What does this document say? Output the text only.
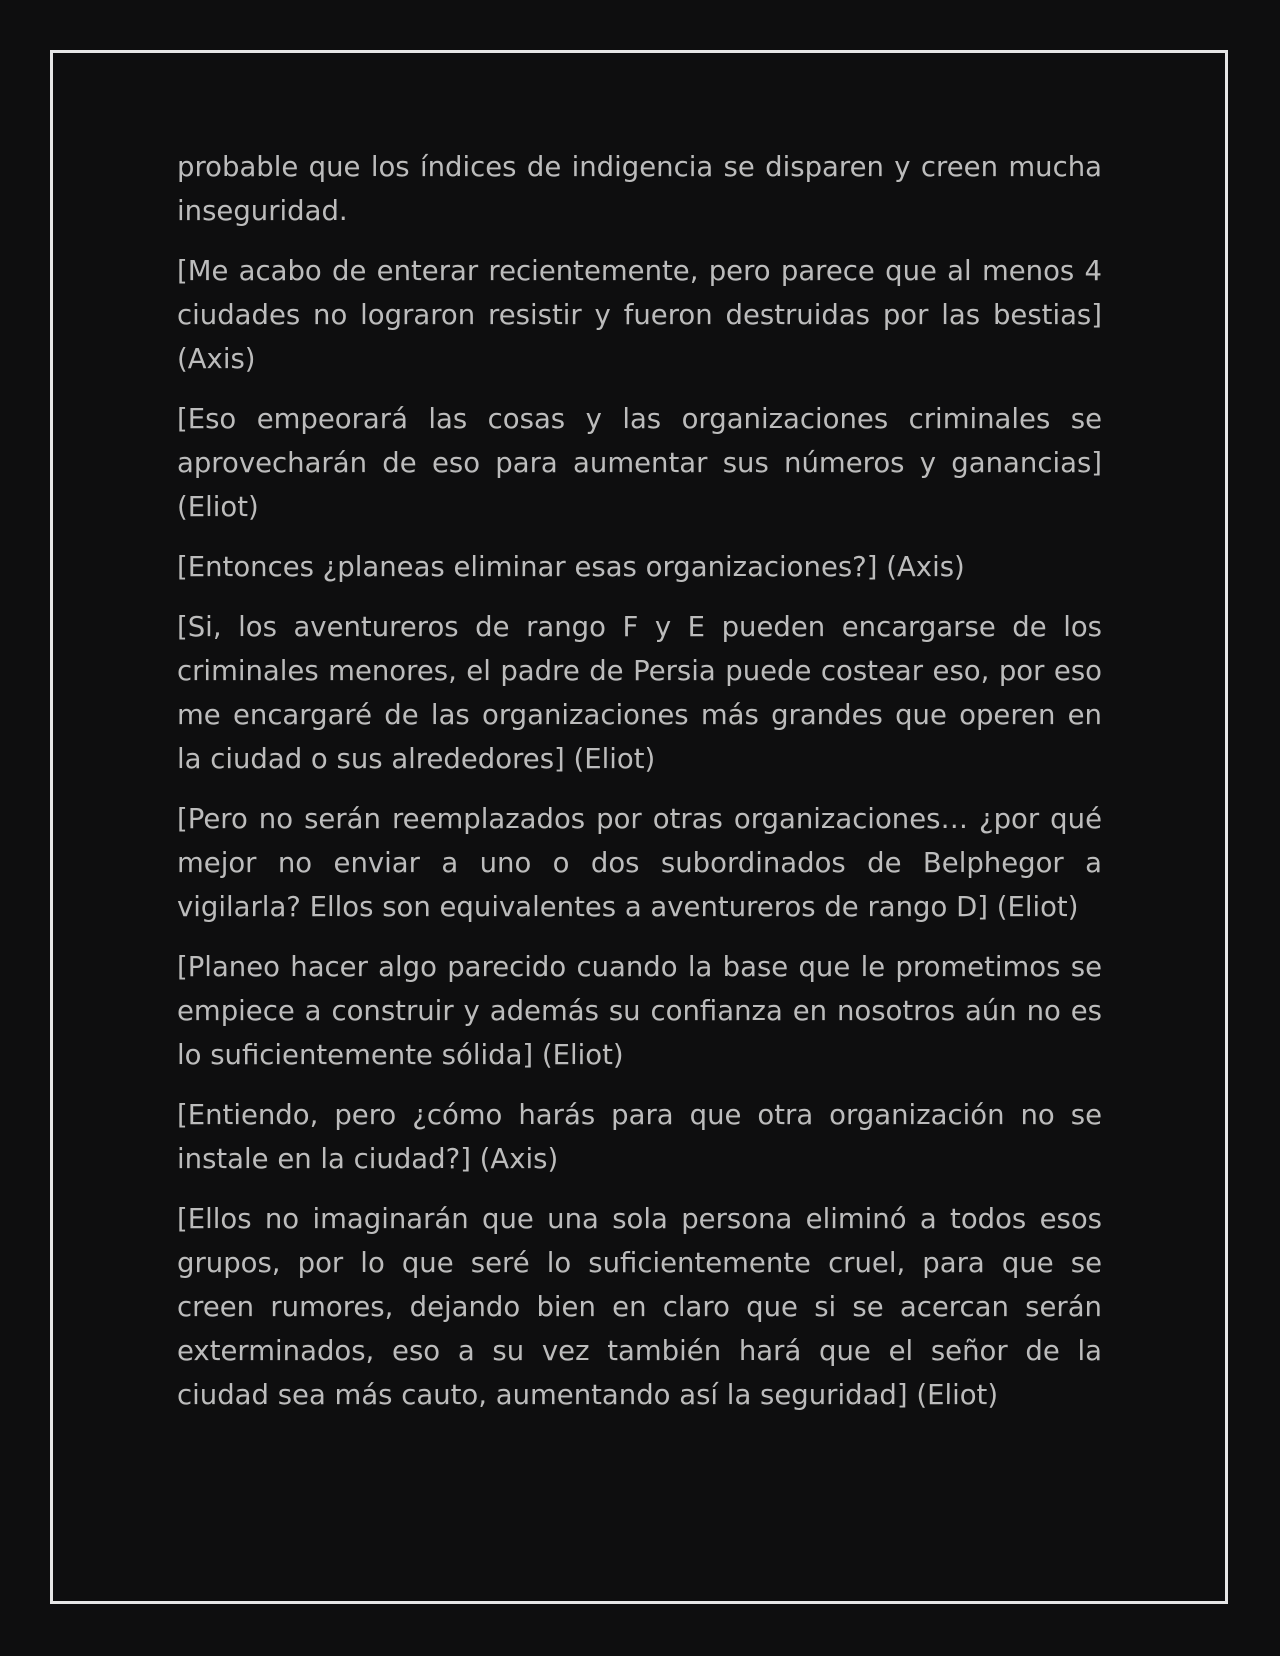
probable que los índices de indigencia se disparen y creen mucha inseguridad.

[Me acabo de enterar recientemente, pero parece que al menos 4 ciudades no lograron resistir y fueron destruidas por las bestias] (Axis)

[Eso empeorará las cosas y las organizaciones criminales se aprovecharán de eso para aumentar sus números y ganancias] (Eliot)

[Entonces ¿planeas eliminar esas organizaciones?] (Axis)

[Si, los aventureros de rango F y E pueden encargarse de los criminales menores, el padre de Persia puede costear eso, por eso me encargaré de las organizaciones más grandes que operen en la ciudad o sus alrededores] (Eliot)

[Pero no serán reemplazados por otras organizaciones… ¿por qué mejor no enviar a uno o dos subordinados de Belphegor a vigilarla? Ellos son equivalentes a aventureros de rango D] (Eliot)

[Planeo hacer algo parecido cuando la base que le prometimos se empiece a construir y además su confianza en nosotros aún no es lo suficientemente sólida] (Eliot)

[Entiendo, pero ¿cómo harás para que otra organización no se instale en la ciudad?] (Axis)

[Ellos no imaginarán que una sola persona eliminó a todos esos grupos, por lo que seré lo suficientemente cruel, para que se creen rumores, dejando bien en claro que si se acercan serán exterminados, eso a su vez también hará que el señor de la ciudad sea más cauto, aumentando así la seguridad] (Eliot)
